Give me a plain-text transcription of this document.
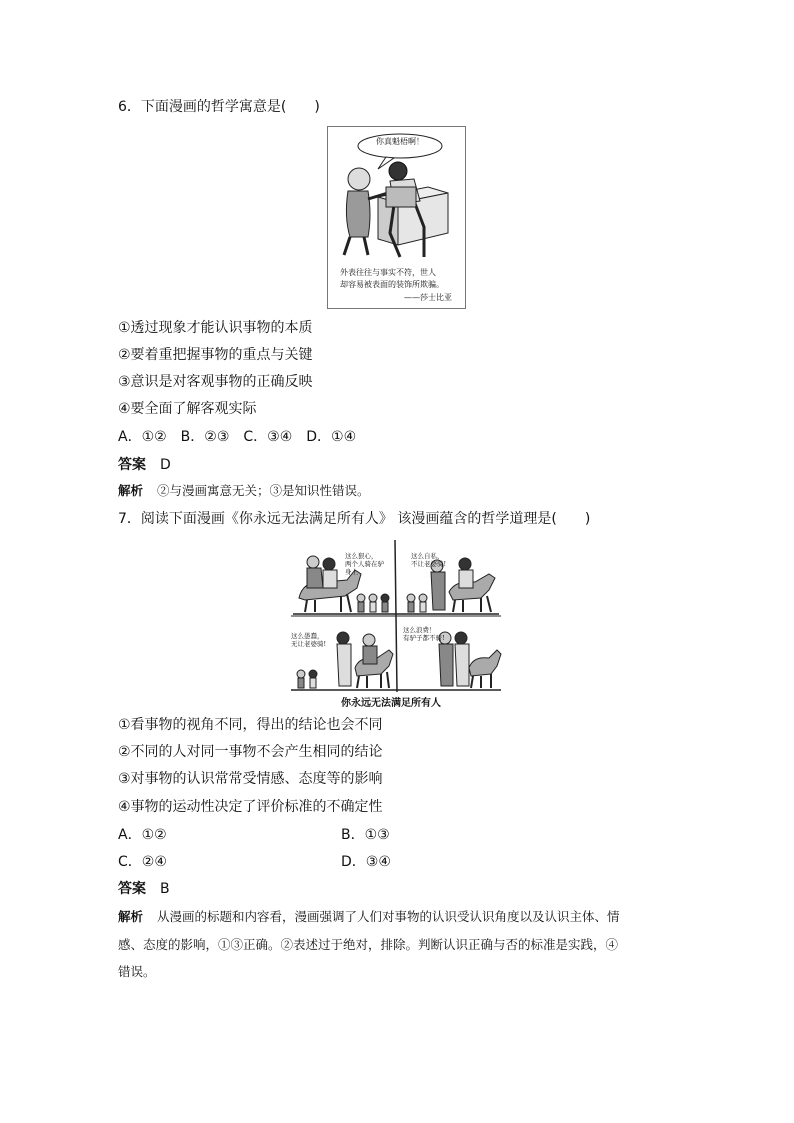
6．下面漫画的哲学寓意是(　　)
你真魁梧啊！
外表往往与事实不符，世人
却容易被表面的装饰所欺骗。
——莎士比亚
①透过现象才能认识事物的本质
②要着重把握事物的重点与关键
③意识是对客观事物的正确反映
④要全面了解客观实际
A．①②　B．②③　C．③④　D．①④
答案 D
解析 ②与漫画寓意无关；③是知识性错误。
7．阅读下面漫画《你永远无法满足所有人》 该漫画蕴含的哲学道理是(　　)
这么狠心，
两个人骑在驴
身上
这么自私，
不让老婆骑!
这么愚蠢，
无让老婆骑!
这么浪费！
有驴子都不骑!
你永远无法满足所有人
①看事物的视角不同，得出的结论也会不同
②不同的人对同一事物不会产生相同的结论
③对事物的认识常常受情感、态度等的影响
④事物的运动性决定了评价标准的不确定性
A．①②	B．①③
C．②④	D．③④
答案 B
解析 从漫画的标题和内容看，漫画强调了人们对事物的认识受认识角度以及认识主体、情
感、态度的影响，①③正确。②表述过于绝对，排除。判断认识正确与否的标准是实践，④
错误。
